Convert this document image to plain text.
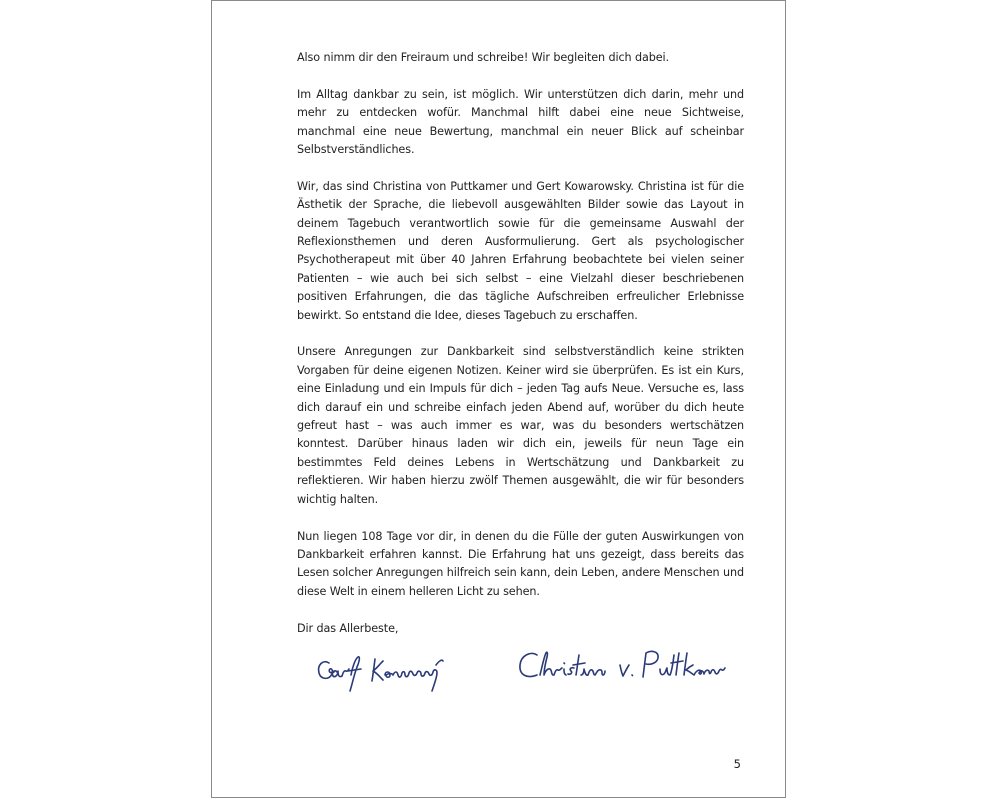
Also nimm dir den Freiraum und schreibe! Wir begleiten dich dabei.

Im Alltag dankbar zu sein, ist möglich. Wir unterstützen dich darin, mehr und mehr zu entdecken wofür. Manchmal hilft dabei eine neue Sichtweise, manchmal eine neue Bewertung, manchmal ein neuer Blick auf scheinbar Selbstverständliches.

Wir, das sind Christina von Puttkamer und Gert Kowarowsky. Christina ist für die Ästhetik der Sprache, die liebevoll ausgewählten Bilder sowie das Layout in deinem Tagebuch verantwortlich sowie für die gemeinsame Auswahl der Reflexionsthemen und deren Ausformulierung. Gert als psychologischer Psychotherapeut mit über 40 Jahren Erfahrung beobachtete bei vielen seiner Patienten – wie auch bei sich selbst – eine Vielzahl dieser beschriebenen positiven Erfahrungen, die das tägliche Aufschreiben erfreulicher Erlebnisse bewirkt. So entstand die Idee, dieses Tagebuch zu erschaffen.

Unsere Anregungen zur Dankbarkeit sind selbstverständlich keine strikten Vorgaben für deine eigenen Notizen. Keiner wird sie überprüfen. Es ist ein Kurs, eine Einladung und ein Impuls für dich – jeden Tag aufs Neue. Versuche es, lass dich darauf ein und schreibe einfach jeden Abend auf, worüber du dich heute gefreut hast – was auch immer es war, was du besonders wertschätzen konntest. Darüber hinaus laden wir dich ein, jeweils für neun Tage ein bestimmtes Feld deines Lebens in Wertschätzung und Dankbarkeit zu reflektieren. Wir haben hierzu zwölf Themen ausgewählt, die wir für besonders wichtig halten.

Nun liegen 108 Tage vor dir, in denen du die Fülle der guten Auswirkungen von Dankbarkeit erfahren kannst. Die Erfahrung hat uns gezeigt, dass bereits das Lesen solcher Anregungen hilfreich sein kann, dein Leben, andere Menschen und diese Welt in einem helleren Licht zu sehen.

Dir das Allerbeste,

5
